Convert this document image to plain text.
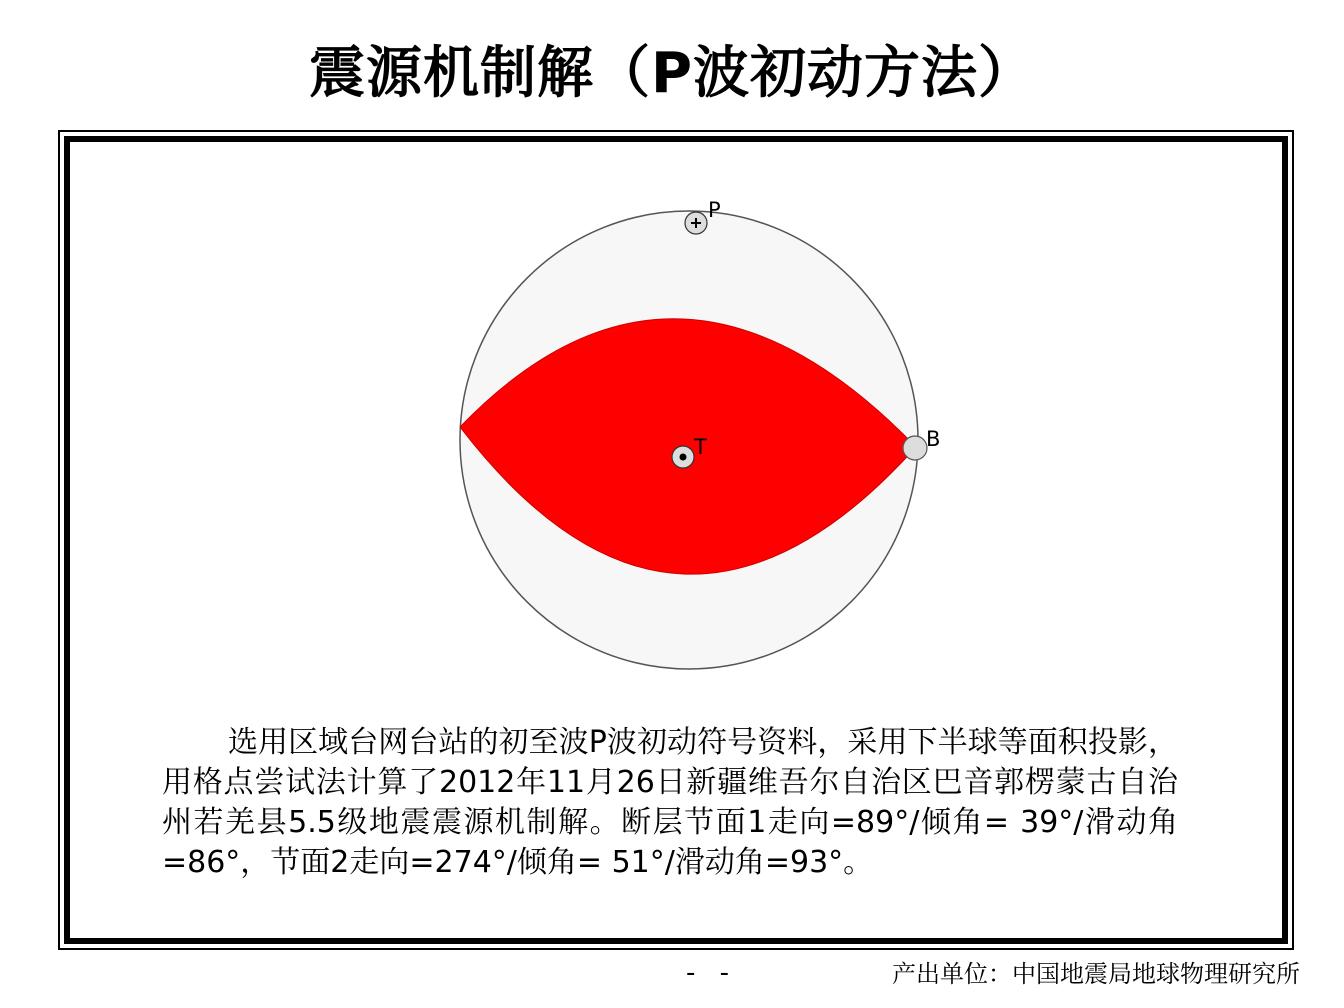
震源机制解（P波初动方法）
P
T	B
选用区域台网台站的初至波P波初动符号资料，采用下半球等面积投影，用格点尝试法计算了2012年11月26日新疆维吾尔自治区巴音郭楞蒙古自治州若羌县5.5级地震震源机制解。断层节面1走向=89°/倾角= 39°/滑动角=86°，节面2走向=274°/倾角= 51°/滑动角=93°。
- -	产出单位：中国地震局地球物理研究所
